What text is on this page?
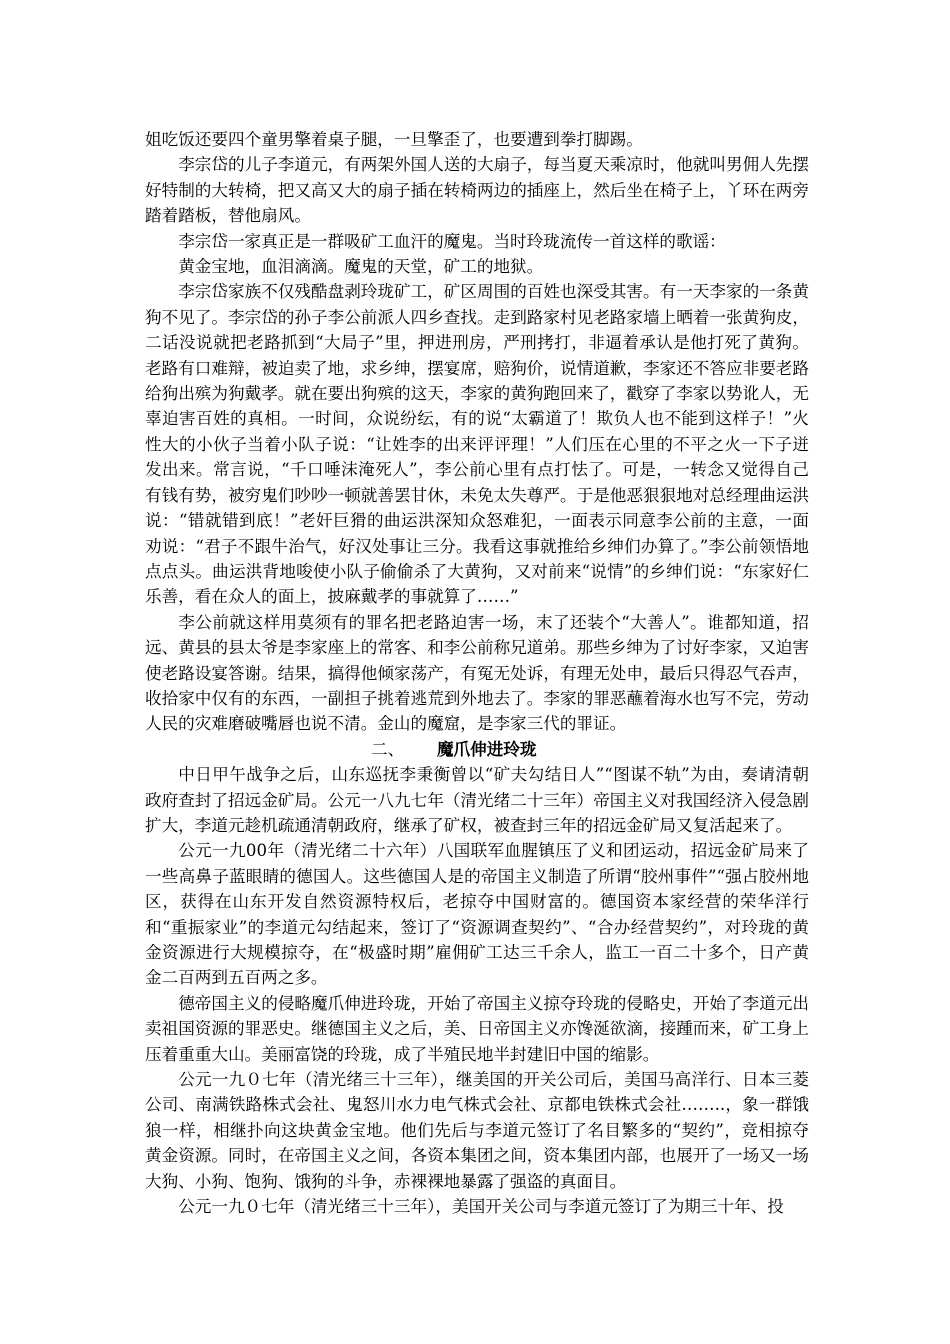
姐吃饭还要四个童男擎着桌子腿，一旦擎歪了，也要遭到拳打脚踢。

李宗岱的儿子李道元，有两架外国人送的大扇子，每当夏天乘凉时，他就叫男佣人先摆好特制的大转椅，把又高又大的扇子插在转椅两边的插座上，然后坐在椅子上，丫环在两旁踏着踏板，替他扇风。

李宗岱一家真正是一群吸矿工血汗的魔鬼。当时玲珑流传一首这样的歌谣：

黄金宝地，血泪滴滴。魔鬼的天堂，矿工的地狱。

李宗岱家族不仅残酷盘剥玲珑矿工，矿区周围的百姓也深受其害。有一天李家的一条黄狗不见了。李宗岱的孙子李公前派人四乡查找。走到路家村见老路家墙上晒着一张黄狗皮，二话没说就把老路抓到“大局子”里，押进刑房，严刑拷打，非逼着承认是他打死了黄狗。老路有口难辩，被迫卖了地，求乡绅，摆宴席，赔狗价，说情道歉，李家还不答应非要老路给狗出殡为狗戴孝。就在要出狗殡的这天，李家的黄狗跑回来了，戳穿了李家以势讹人，无辜迫害百姓的真相。一时间，众说纷纭，有的说“太霸道了！欺负人也不能到这样子！”火性大的小伙子当着小队子说：“让姓李的出来评评理！”人们压在心里的不平之火一下子迸发出来。常言说，“千口唾沫淹死人”，李公前心里有点打怯了。可是，一转念又觉得自己有钱有势，被穷鬼们吵吵一顿就善罢甘休，未免太失尊严。于是他恶狠狠地对总经理曲运洪说：“错就错到底！”老奸巨猾的曲运洪深知众怒难犯，一面表示同意李公前的主意，一面劝说：“君子不跟牛治气，好汉处事让三分。我看这事就推给乡绅们办算了。”李公前领悟地点点头。曲运洪背地唆使小队子偷偷杀了大黄狗，又对前来“说情”的乡绅们说：“东家好仁乐善，看在众人的面上，披麻戴孝的事就算了……”

李公前就这样用莫须有的罪名把老路迫害一场，末了还装个“大善人”。谁都知道，招远、黄县的县太爷是李家座上的常客、和李公前称兄道弟。那些乡绅为了讨好李家，又迫害使老路设宴答谢。结果，搞得他倾家荡产，有冤无处诉，有理无处申，最后只得忍气吞声，收拾家中仅有的东西，一副担子挑着逃荒到外地去了。李家的罪恶蘸着海水也写不完，劳动人民的灾难磨破嘴唇也说不清。金山的魔窟，是李家三代的罪证。

二、 魔爪伸进玲珑

中日甲午战争之后，山东巡抚李秉衡曾以“矿夫勾结日人”“图谋不轨”为由，奏请清朝政府查封了招远金矿局。公元一八九七年（清光绪二十三年）帝国主义对我国经济入侵急剧扩大，李道元趁机疏通清朝政府，继承了矿权，被查封三年的招远金矿局又复活起来了。

公元一九00年（清光绪二十六年）八国联军血腥镇压了义和团运动，招远金矿局来了一些高鼻子蓝眼睛的德国人。这些德国人是的帝国主义制造了所谓“胶州事件”“强占胶州地区，获得在山东开发自然资源特权后，老掠夺中国财富的。德国资本家经营的荣华洋行和“重振家业”的李道元勾结起来，签订了“资源调查契约”、“合办经营契约”，对玲珑的黄金资源进行大规模掠夺，在“极盛时期”雇佣矿工达三千余人，监工一百二十多个，日产黄金二百两到五百两之多。

德帝国主义的侵略魔爪伸进玲珑，开始了帝国主义掠夺玲珑的侵略史，开始了李道元出卖祖国资源的罪恶史。继德国主义之后，美、日帝国主义亦馋涎欲滴，接踵而来，矿工身上压着重重大山。美丽富饶的玲珑，成了半殖民地半封建旧中国的缩影。

公元一九０七年（清光绪三十三年），继美国的开关公司后，美国马高洋行、日本三菱公司、南满铁路株式会社、鬼怒川水力电气株式会社、京都电铁株式会社……..，象一群饿狼一样，相继扑向这块黄金宝地。他们先后与李道元签订了名目繁多的“契约”，竞相掠夺黄金资源。同时，在帝国主义之间，各资本集团之间，资本集团内部，也展开了一场又一场大狗、小狗、饱狗、饿狗的斗争，赤裸裸地暴露了强盗的真面目。

公元一九０七年（清光绪三十三年），美国开关公司与李道元签订了为期三十年、投
